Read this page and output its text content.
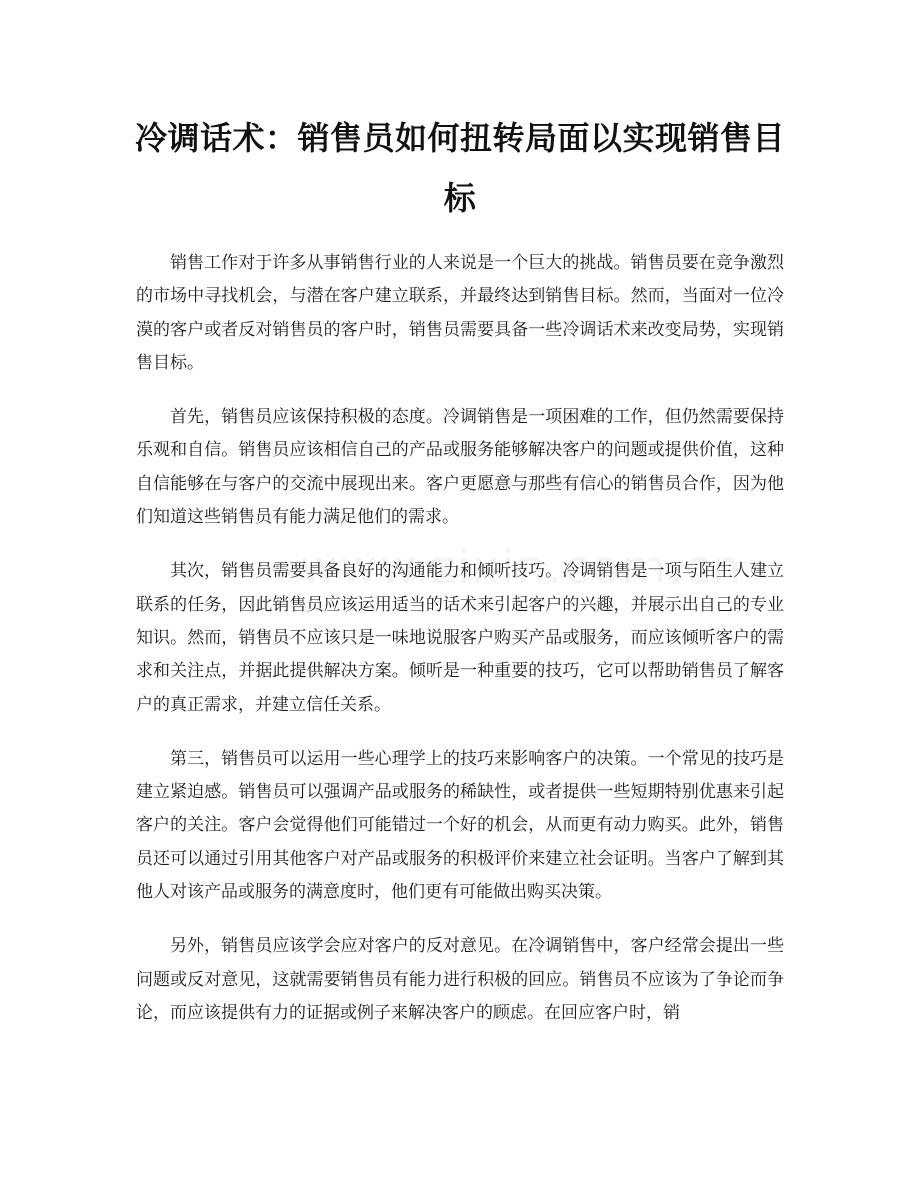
冷调话术：销售员如何扭转局面以实现销售目标

销售工作对于许多从事销售行业的人来说是一个巨大的挑战。销售员要在竞争激烈的市场中寻找机会，与潜在客户建立联系，并最终达到销售目标。然而，当面对一位冷漠的客户或者反对销售员的客户时，销售员需要具备一些冷调话术来改变局势，实现销售目标。

首先，销售员应该保持积极的态度。冷调销售是一项困难的工作，但仍然需要保持乐观和自信。销售员应该相信自己的产品或服务能够解决客户的问题或提供价值，这种自信能够在与客户的交流中展现出来。客户更愿意与那些有信心的销售员合作，因为他们知道这些销售员有能力满足他们的需求。

其次，销售员需要具备良好的沟通能力和倾听技巧。冷调销售是一项与陌生人建立联系的任务，因此销售员应该运用适当的话术来引起客户的兴趣，并展示出自己的专业知识。然而，销售员不应该只是一味地说服客户购买产品或服务，而应该倾听客户的需求和关注点，并据此提供解决方案。倾听是一种重要的技巧，它可以帮助销售员了解客户的真正需求，并建立信任关系。

第三，销售员可以运用一些心理学上的技巧来影响客户的决策。一个常见的技巧是建立紧迫感。销售员可以强调产品或服务的稀缺性，或者提供一些短期特别优惠来引起客户的关注。客户会觉得他们可能错过一个好的机会，从而更有动力购买。此外，销售员还可以通过引用其他客户对产品或服务的积极评价来建立社会证明。当客户了解到其他人对该产品或服务的满意度时，他们更有可能做出购买决策。

另外，销售员应该学会应对客户的反对意见。在冷调销售中，客户经常会提出一些问题或反对意见，这就需要销售员有能力进行积极的回应。销售员不应该为了争论而争论，而应该提供有力的证据或例子来解决客户的顾虑。在回应客户时，销
